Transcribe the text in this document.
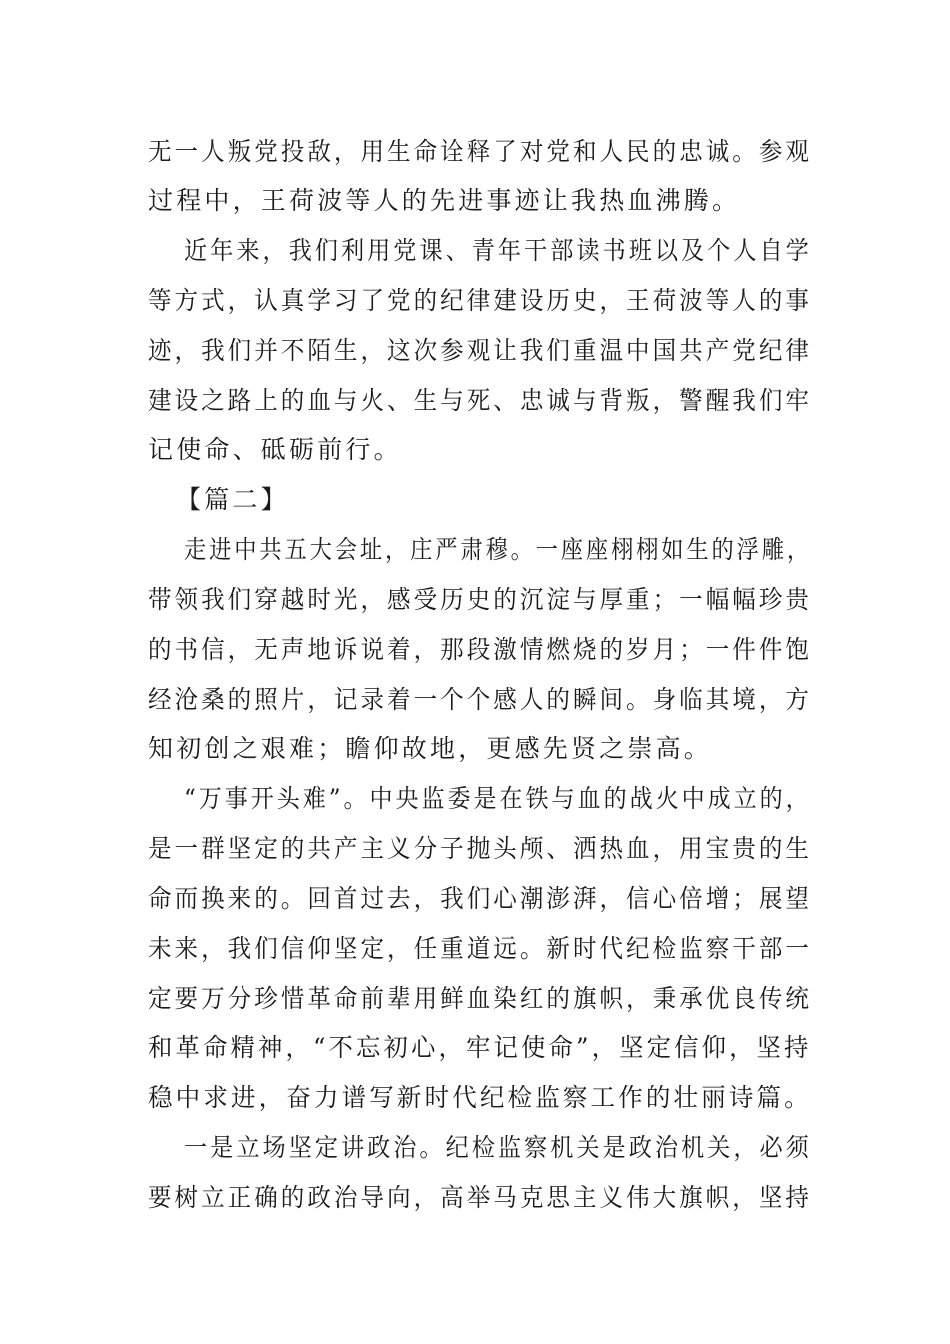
无一人叛党投敌，用生命诠释了对党和人民的忠诚。参观
过程中，王荷波等人的先进事迹让我热血沸腾。
近年来，我们利用党课、青年干部读书班以及个人自学
等方式，认真学习了党的纪律建设历史，王荷波等人的事
迹，我们并不陌生，这次参观让我们重温中国共产党纪律
建设之路上的血与火、生与死、忠诚与背叛，警醒我们牢
记使命、砥砺前行。
【篇二】
走进中共五大会址，庄严肃穆。一座座栩栩如生的浮雕，
带领我们穿越时光，感受历史的沉淀与厚重；一幅幅珍贵
的书信，无声地诉说着，那段激情燃烧的岁月；一件件饱
经沧桑的照片，记录着一个个感人的瞬间。身临其境，方
知初创之艰难；瞻仰故地，更感先贤之崇高。
“万事开头难”。中央监委是在铁与血的战火中成立的，
是一群坚定的共产主义分子抛头颅、洒热血，用宝贵的生
命而换来的。回首过去，我们心潮澎湃，信心倍增；展望
未来，我们信仰坚定，任重道远。新时代纪检监察干部一
定要万分珍惜革命前辈用鲜血染红的旗帜，秉承优良传统
和革命精神，“不忘初心，牢记使命”，坚定信仰，坚持
稳中求进，奋力谱写新时代纪检监察工作的壮丽诗篇。
一是立场坚定讲政治。纪检监察机关是政治机关，必须
要树立正确的政治导向，高举马克思主义伟大旗帜，坚持
